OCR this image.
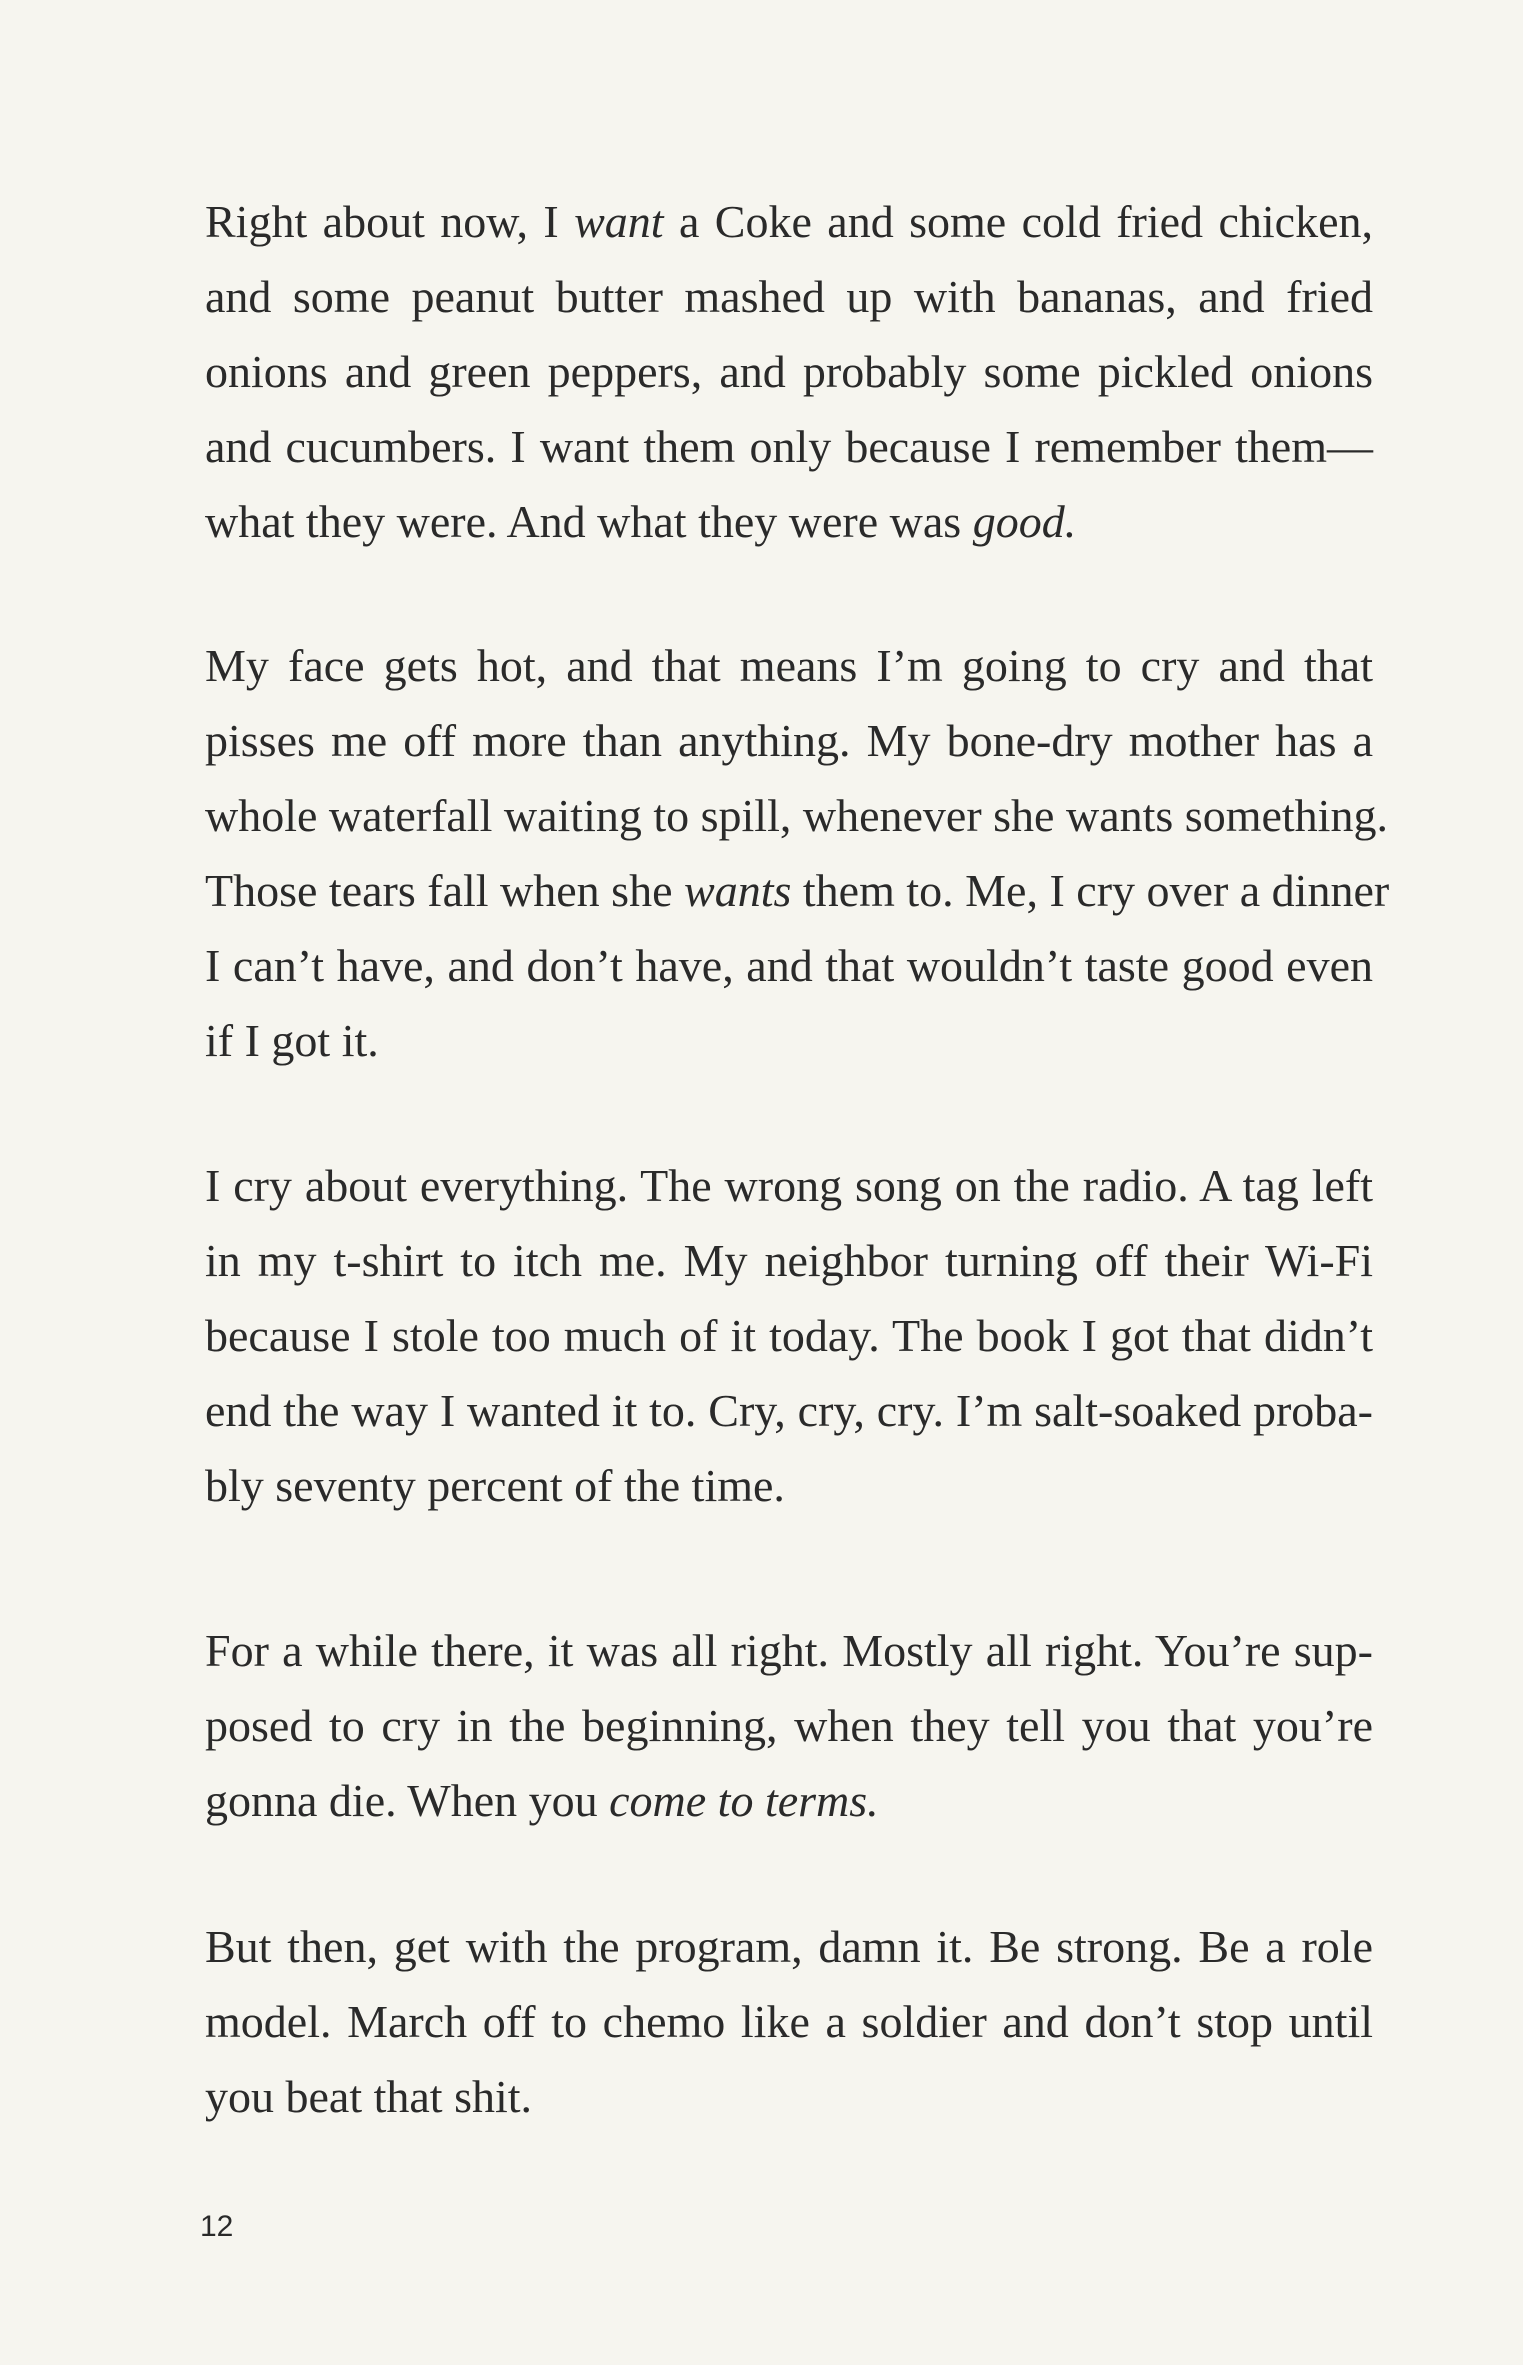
Right about now, I want a Coke and some cold fried chicken,
and some peanut butter mashed up with bananas, and fried
onions and green peppers, and probably some pickled onions
and cucumbers. I want them only because I remember them—
what they were. And what they were was good.
My face gets hot, and that means I’m going to cry and that
pisses me off more than anything. My bone-dry mother has a
whole waterfall waiting to spill, whenever she wants something.
Those tears fall when she wants them to. Me, I cry over a dinner
I can’t have, and don’t have, and that wouldn’t taste good even
if I got it.
I cry about everything. The wrong song on the radio. A tag left
in my t-shirt to itch me. My neighbor turning off their Wi-Fi
because I stole too much of it today. The book I got that didn’t
end the way I wanted it to. Cry, cry, cry. I’m salt-soaked proba-
bly seventy percent of the time.
For a while there, it was all right. Mostly all right. You’re sup-
posed to cry in the beginning, when they tell you that you’re
gonna die. When you come to terms.
But then, get with the program, damn it. Be strong. Be a role
model. March off to chemo like a soldier and don’t stop until
you beat that shit.
12
